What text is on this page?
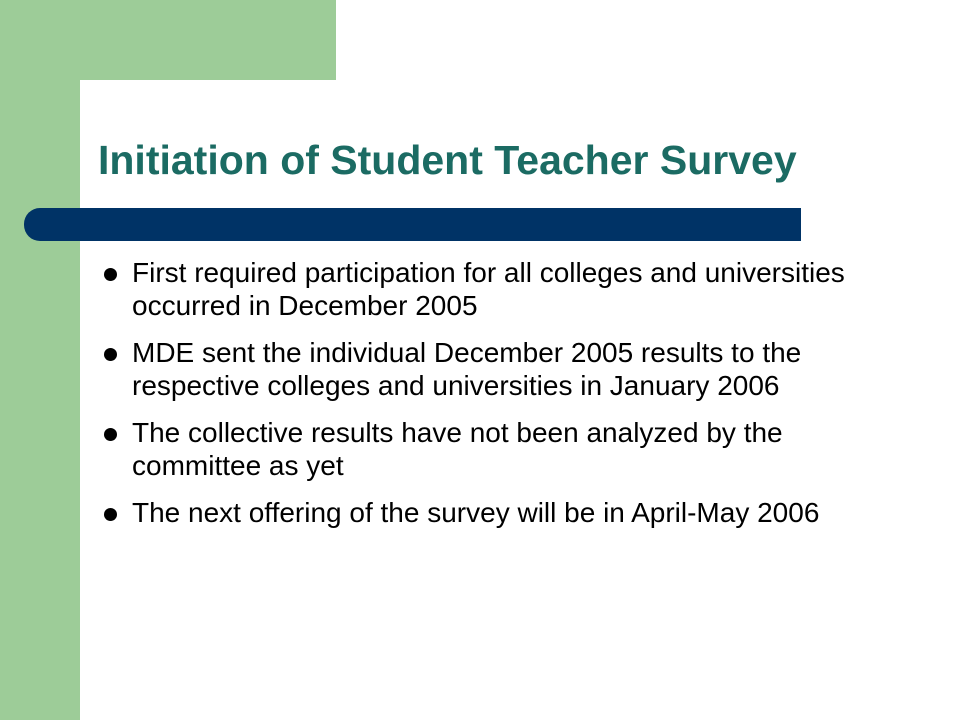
Initiation of Student Teacher Survey
First required participation for all colleges and universities occurred in December 2005
MDE sent the individual December 2005 results to the respective colleges and universities in January 2006
The collective results have not been analyzed by the committee as yet
The next offering of the survey will be in April-May 2006
